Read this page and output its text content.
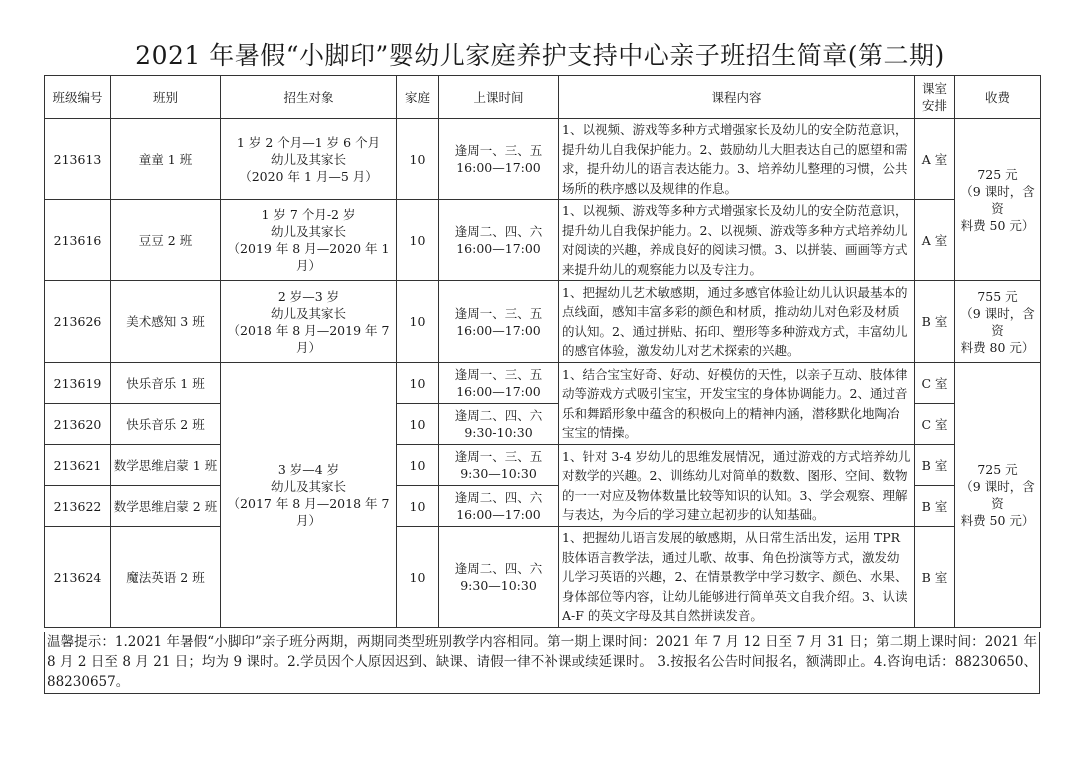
2021 年暑假“小脚印”婴幼儿家庭养护支持中心亲子班招生简章(第二期)
班级编号	班别	招生对象	家庭	上课时间	课程内容	课室安排	收费
213613	童童 1 班	1 岁 2 个月—1 岁 6 个月
幼儿及其家长
（2020 年 1 月—5 月）	10	逢周一、三、五
16:00—17:00	1、以视频、游戏等多种方式增强家长及幼儿的安全防范意识，提升幼儿自我保护能力。2、鼓励幼儿大胆表达自己的愿望和需求，提升幼儿的语言表达能力。3、培养幼儿整理的习惯，公共场所的秩序感以及规律的作息。	A 室	725 元
（9 课时，含资
料费 50 元）

213616	豆豆 2 班	1 岁 7 个月-2 岁
幼儿及其家长
（2019 年 8 月—2020 年 1 月）	10	逢周二、四、六
16:00—17:00	1、以视频、游戏等多种方式增强家长及幼儿的安全防范意识，提升幼儿自我保护能力。2、以视频、游戏等多种方式培养幼儿对阅读的兴趣，养成良好的阅读习惯。3、以拼装、画画等方式来提升幼儿的观察能力以及专注力。	A 室	
213626	美术感知 3 班	2 岁—3 岁
幼儿及其家长
（2018 年 8 月—2019 年 7 月）	10	逢周一、三、五
16:00—17:00	1、把握幼儿艺术敏感期，通过多感官体验让幼儿认识最基本的点线面，感知丰富多彩的颜色和材质，推动幼儿对色彩及材质的认知。2、通过拼贴、拓印、塑形等多种游戏方式，丰富幼儿的感官体验，激发幼儿对艺术探索的兴趣。	B 室	755 元
（9 课时，含资
料费 80 元）

213619	快乐音乐 1 班	3 岁—4 岁
幼儿及其家长
（2017 年 8 月—2018 年 7 月）	10	逢周一、三、五
16:00—17:00	1、结合宝宝好奇、好动、好模仿的天性，以亲子互动、肢体律动等游戏方式吸引宝宝，开发宝宝的身体协调能力。2、通过音乐和舞蹈形象中蕴含的积极向上的精神内涵，潜移默化地陶冶宝宝的情操。	C 室	725 元
（9 课时，含资
料费 50 元）

213620	快乐音乐 2 班		10	逢周二、四、六
9:30-10:30		C 室	
213621	数学思维启蒙 1 班		10	逢周一、三、五
9:30—10:30	1、针对 3-4 岁幼儿的思维发展情况，通过游戏的方式培养幼儿对数学的兴趣。2、训练幼儿对简单的数数、图形、空间、数物的一一对应及物体数量比较等知识的认知。3、学会观察、理解与表达，为今后的学习建立起初步的认知基础。	B 室	
213622	数学思维启蒙 2 班		10	逢周二、四、六
16:00—17:00		B 室	
213624	魔法英语 2 班		10	逢周二、四、六
9:30—10:30	1、把握幼儿语言发展的敏感期，从日常生活出发，运用 TPR 肢体语言教学法，通过儿歌、故事、角色扮演等方式，激发幼儿学习英语的兴趣，2、在情景教学中学习数字、颜色、水果、身体部位等内容，让幼儿能够进行简单英文自我介绍。3、认读 A-F 的英文字母及其自然拼读发音。	B 室	
温馨提示：1.2021 年暑假“小脚印”亲子班分两期，两期同类型班别教学内容相同。第一期上课时间：2021 年 7 月 12 日至 7 月 31 日；第二期上课时间：2021 年 8 月 2 日至 8 月 21 日；均为 9 课时。2.学员因个人原因迟到、缺课、请假一律不补课或续延课时。 3.按报名公告时间报名，额满即止。4.咨询电话：88230650、88230657。
